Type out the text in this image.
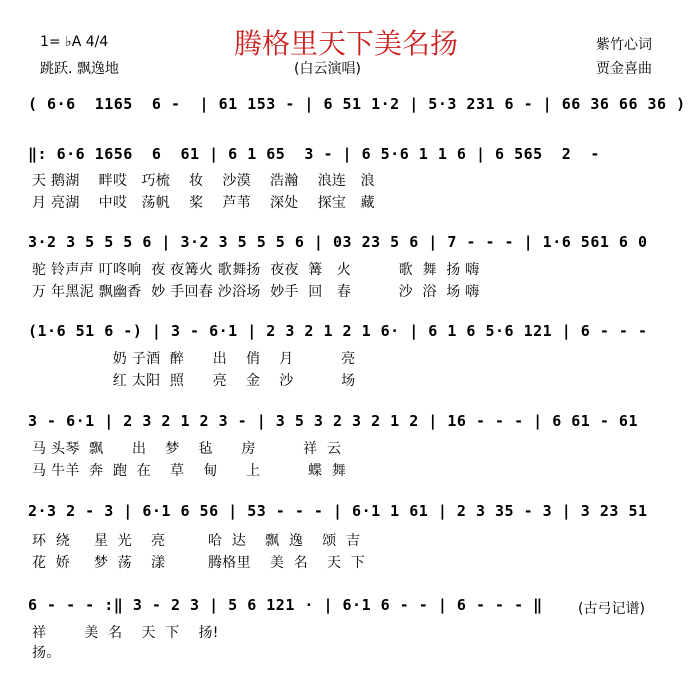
1= ♭A 4/4
跳跃. 飘逸地
腾格里天下美名扬
(白云演唱)
紫竹心词
贾金喜曲
( 6·6  1165  6 -  | 61 153 - | 6 51 1·2 | 5·3 231 6 - | 66 36 66 36 )
‖: 6·6 1656  6  61 | 6 1 65  3 - | 6 5·6 1 1 6 | 6 565  2  -
天 鹅湖    畔哎   巧梳    妆    沙漠    浩瀚    浪连   浪
月 亮湖    中哎   荡帆    桨    芦苇    深处    探宝   藏
3·2 3 5 5 5 6 | 3·2 3 5 5 5 6 | 03 23 5 6 | 7 - - - | 1·6 561 6 0
驼 铃声声 叮咚响  夜 夜篝火 歌舞扬  夜夜  篝   火          歌  舞  扬 嗨
万 年黑泥 飘幽香  妙 手回春 沙浴场  妙手  回   春          沙  浴  场 嗨
(1·6 51 6 -) | 3 - 6·1 | 2 3 2 1 2 1 6· | 6 1 6 5·6 121 | 6 - - -
奶 子酒  醉      出    俏    月          亮
红 太阳  照      亮    金    沙          场
3 - 6·1 | 2 3 2 1 2 3 - | 3 5 3 2 3 2 1 2 | 16 - - - | 6 61 - 61
马 头琴  飘      出    梦    毡      房          祥  云
马 牛羊  奔  跑  在    草    甸      上          蝶  舞
2·3 2 - 3 | 6·1 6 56 | 53 - - - | 6·1 1 61 | 2 3 35 - 3 | 3 23 51
环  绕     星  光    亮         哈  达    飘  逸    颂  吉
花  娇     梦  荡    漾         腾格里    美  名    天  下
6 - - - :‖ 3 - 2 3 | 5 6 121 · | 6·1 6 - - | 6 - - - ‖
祥        美  名    天  下    扬!
扬。
(古弓记谱)
